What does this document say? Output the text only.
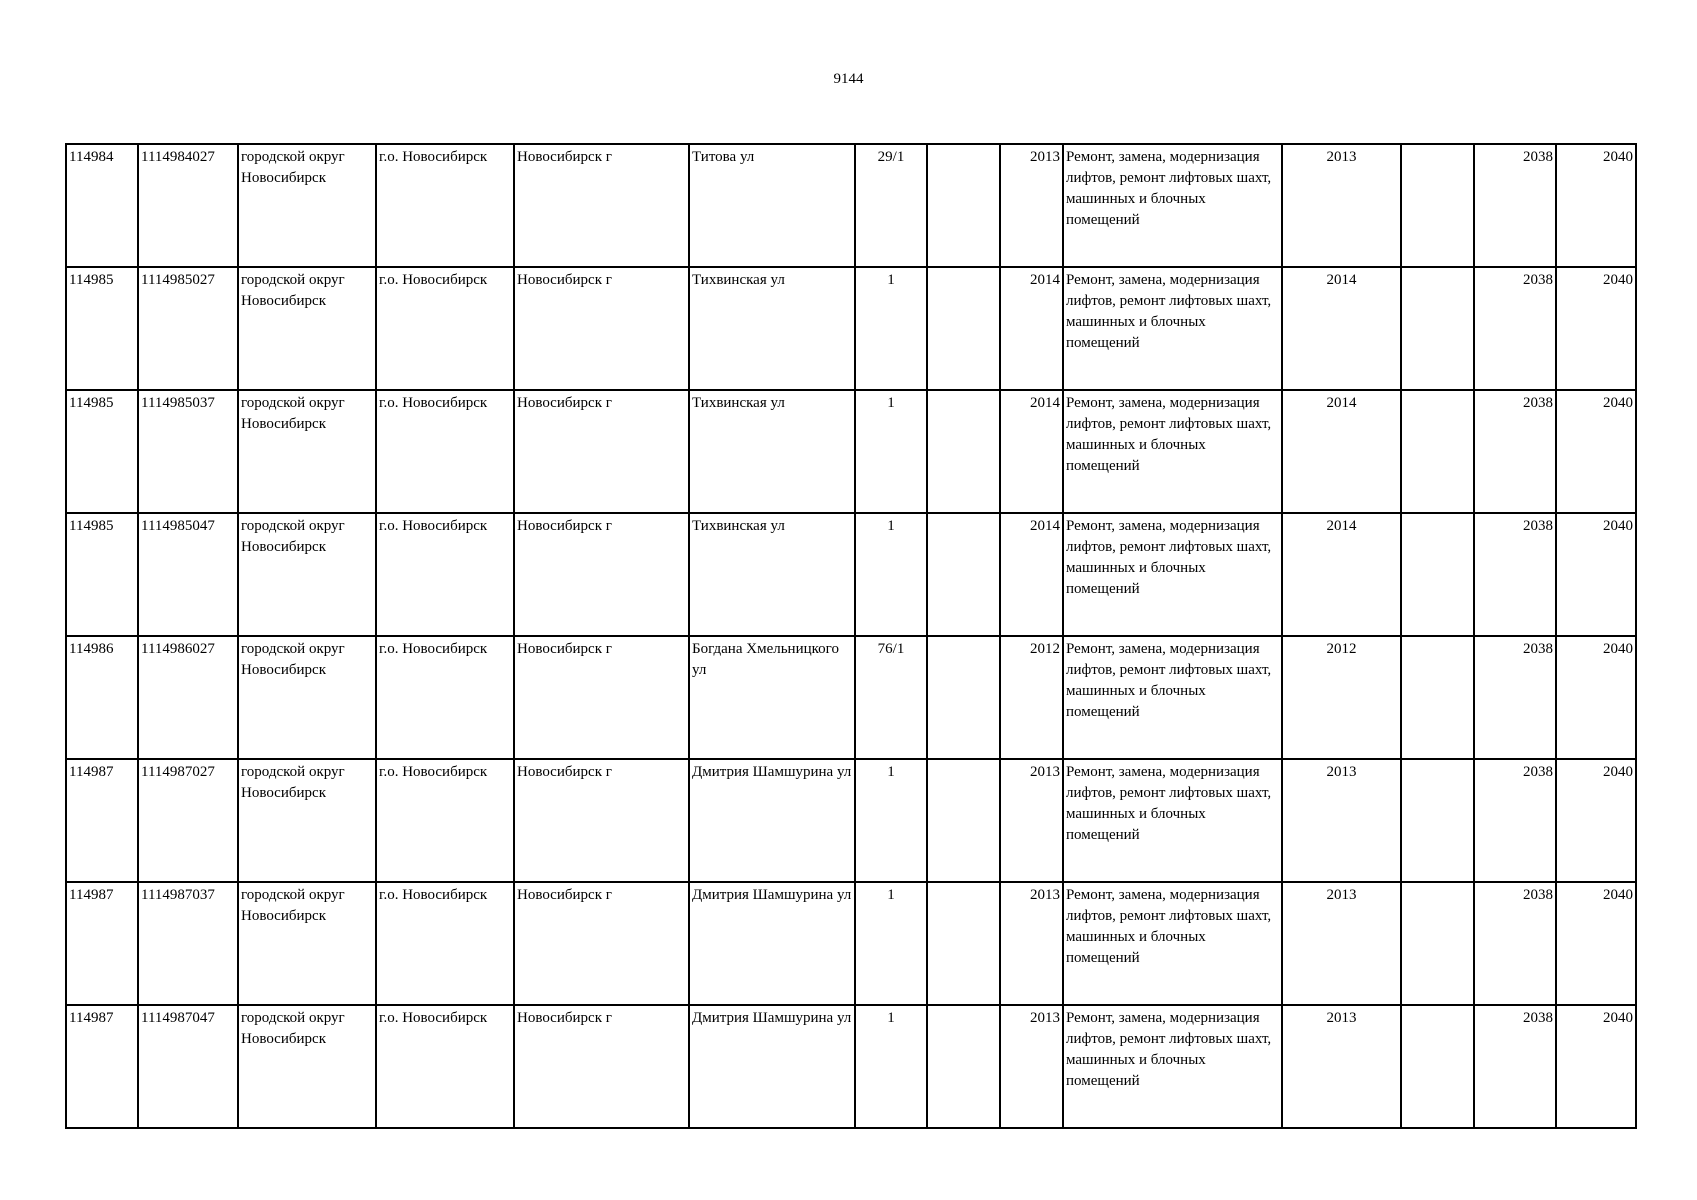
9144
114984	1114984027	городской округ Новосибирск	г.о. Новосибирск	Новосибирск г	Титова ул	29/1		2013	Ремонт, замена, модернизация лифтов, ремонт лифтовых шахт, машинных и блочных помещений	2013		2038	2040
114985	1114985027	городской округ Новосибирск	г.о. Новосибирск	Новосибирск г	Тихвинская ул	1		2014	Ремонт, замена, модернизация лифтов, ремонт лифтовых шахт, машинных и блочных помещений	2014		2038	2040
114985	1114985037	городской округ Новосибирск	г.о. Новосибирск	Новосибирск г	Тихвинская ул	1		2014	Ремонт, замена, модернизация лифтов, ремонт лифтовых шахт, машинных и блочных помещений	2014		2038	2040
114985	1114985047	городской округ Новосибирск	г.о. Новосибирск	Новосибирск г	Тихвинская ул	1		2014	Ремонт, замена, модернизация лифтов, ремонт лифтовых шахт, машинных и блочных помещений	2014		2038	2040
114986	1114986027	городской округ Новосибирск	г.о. Новосибирск	Новосибирск г	Богдана Хмельницкого ул	76/1		2012	Ремонт, замена, модернизация лифтов, ремонт лифтовых шахт, машинных и блочных помещений	2012		2038	2040
114987	1114987027	городской округ Новосибирск	г.о. Новосибирск	Новосибирск г	Дмитрия Шамшурина ул	1		2013	Ремонт, замена, модернизация лифтов, ремонт лифтовых шахт, машинных и блочных помещений	2013		2038	2040
114987	1114987037	городской округ Новосибирск	г.о. Новосибирск	Новосибирск г	Дмитрия Шамшурина ул	1		2013	Ремонт, замена, модернизация лифтов, ремонт лифтовых шахт, машинных и блочных помещений	2013		2038	2040
114987	1114987047	городской округ Новосибирск	г.о. Новосибирск	Новосибирск г	Дмитрия Шамшурина ул	1		2013	Ремонт, замена, модернизация лифтов, ремонт лифтовых шахт, машинных и блочных помещений	2013		2038	2040
